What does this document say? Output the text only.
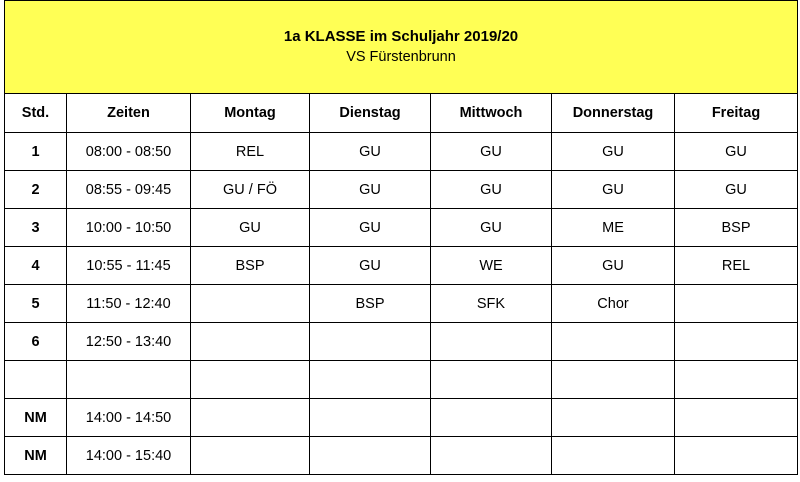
1a KLASSE im Schuljahr 2019/20
VS Fürstenbrunn						

Std.	Zeiten	Montag	Dienstag	Mittwoch	Donnerstag	Freitag
1	08:00 - 08:50	REL	GU	GU	GU	GU
2	08:55 - 09:45	GU / FÖ	GU	GU	GU	GU
3	10:00 - 10:50	GU	GU	GU	ME	BSP
4	10:55 - 11:45	BSP	GU	WE	GU	REL
5	11:50 - 12:40		BSP	SFK	Chor	
6	12:50 - 13:40					

NM	14:00 - 14:50					
NM	14:00 - 15:40					
